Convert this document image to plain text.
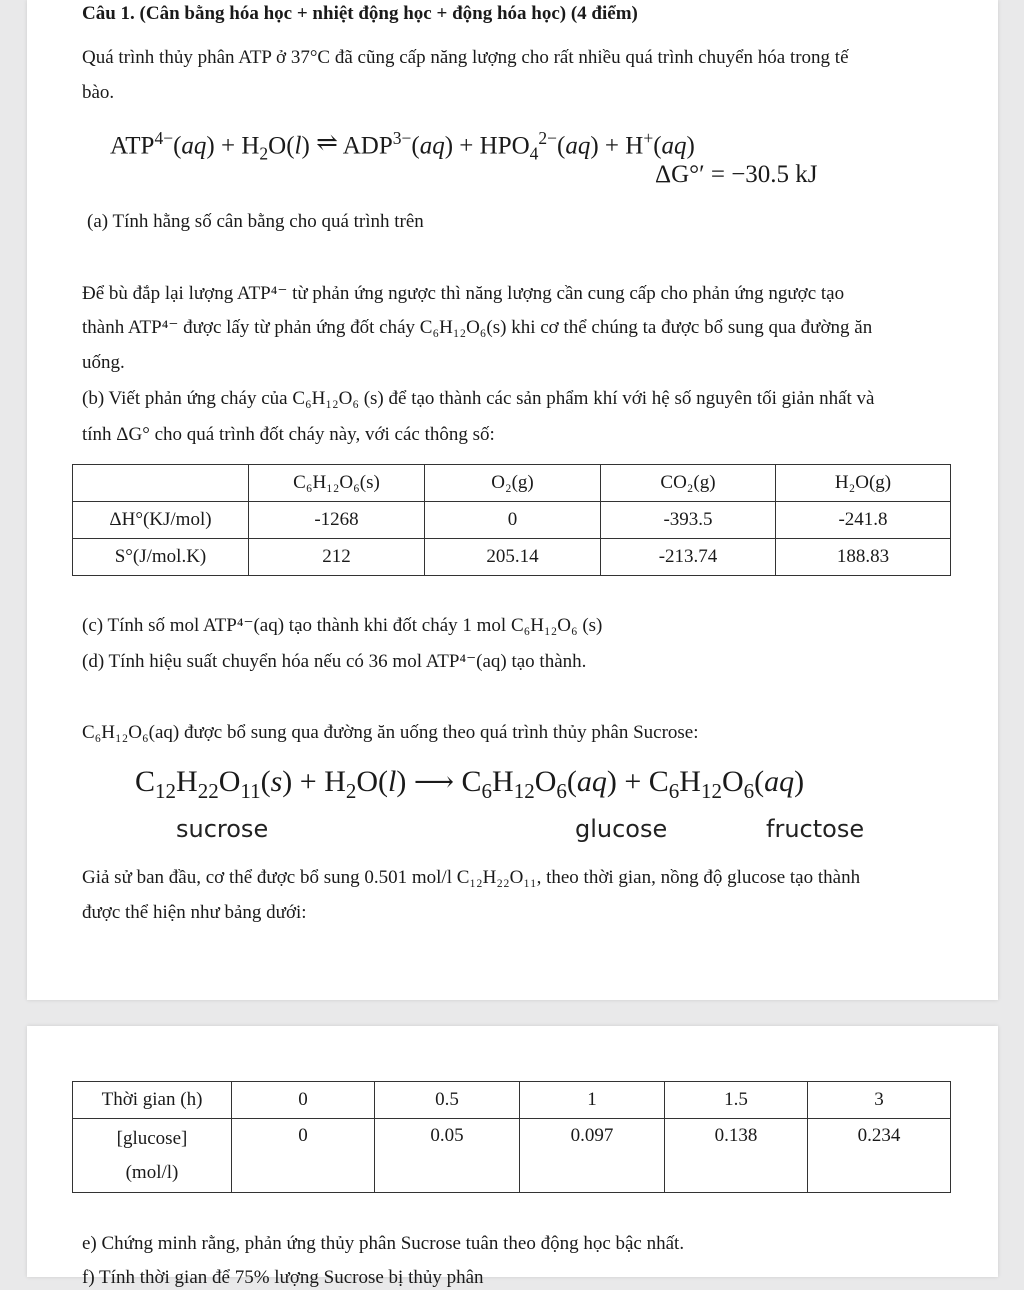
Câu 1. (Cân bằng hóa học + nhiệt động học + động hóa học) (4 điểm)
Quá trình thủy phân ATP ở 37°C đã cũng cấp năng lượng cho rất nhiều quá trình chuyển hóa trong tế
bào.
$ATP^{4-}(aq) + H_2O(l)$ ⇌ $ADP^{3-}(aq) + HPO_4^{2-}(aq) + H^+(aq)$
ΔG°′ = −30.5 kJ
(a) Tính hằng số cân bằng cho quá trình trên
Để bù đắp lại lượng ATP⁴⁻ từ phản ứng ngược thì năng lượng cần cung cấp cho phản ứng ngược tạo
thành ATP⁴⁻ được lấy từ phản ứng đốt cháy C₆H₁₂O₆(s) khi cơ thể chúng ta được bổ sung qua đường ăn
uống.
(b) Viết phản ứng cháy của C₆H₁₂O₆ (s) để tạo thành các sản phẩm khí với hệ số nguyên tối giản nhất và
tính ΔG° cho quá trình đốt cháy này, với các thông số:
	C₆H₁₂O₆(s)	O₂(g)	CO₂(g)	H₂O(g)
ΔH°(KJ/mol)	-1268	0	-393.5	-241.8
S°(J/mol.K)	212	205.14	-213.74	188.83
(c) Tính số mol ATP⁴⁻(aq) tạo thành khi đốt cháy 1 mol C₆H₁₂O₆ (s)
(d) Tính hiệu suất chuyển hóa nếu có 36 mol ATP⁴⁻(aq) tạo thành.
C₆H₁₂O₆(aq) được bổ sung qua đường ăn uống theo quá trình thủy phân Sucrose:
$C_{12}H_{22}O_{11}(s) + H_2O(l)$ ⟶ $C_6H_{12}O_6(aq) + C_6H_{12}O_6(aq)$
sucrose	glucose	fructose
Giả sử ban đầu, cơ thể được bổ sung 0.501 mol/l C₁₂H₂₂O₁₁, theo thời gian, nồng độ glucose tạo thành
được thể hiện như bảng dưới:
Thời gian (h)	0	0.5	1	1.5	3
[glucose]
(mol/l)	0	0.05	0.097	0.138	0.234
e) Chứng minh rằng, phản ứng thủy phân Sucrose tuân theo động học bậc nhất.
f) Tính thời gian để 75% lượng Sucrose bị thủy phân
